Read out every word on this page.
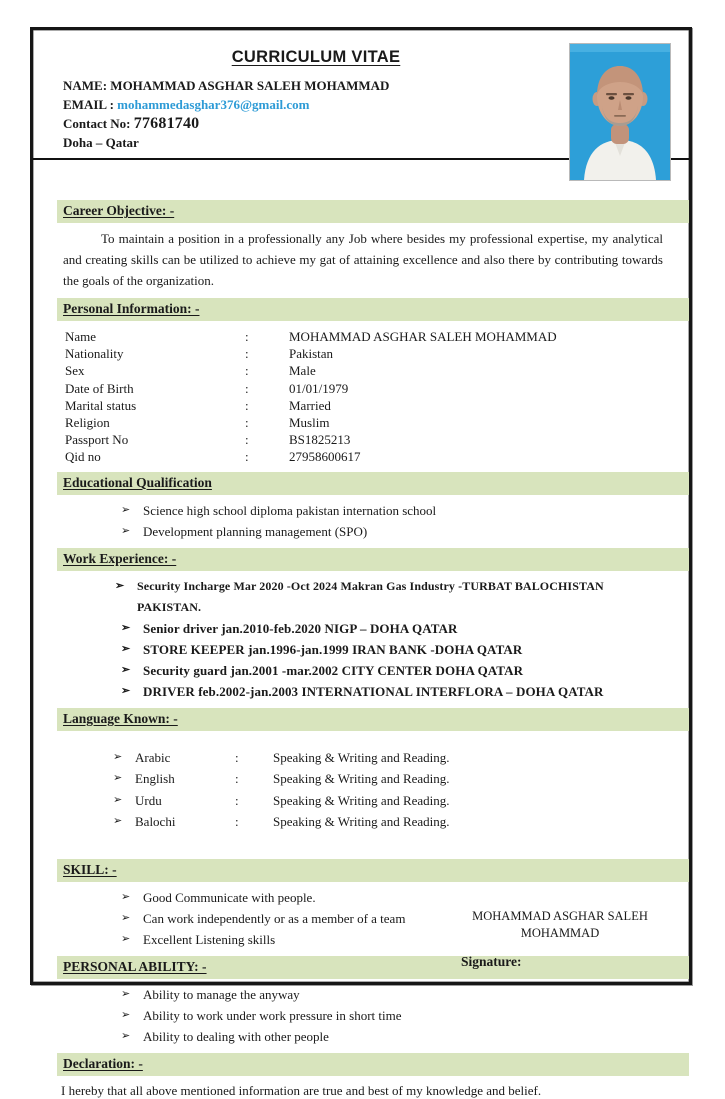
CURRICULUM VITAE
NAME: MOHAMMAD ASGHAR SALEH MOHAMMAD
EMAIL : mohammedasghar376@gmail.com
Contact No: 77681740
Doha – Qatar
Career Objective: -
To maintain a position in a professionally any Job where besides my professional expertise, my analytical and creating skills can be utilized to achieve my gat of attaining excellence and also there by contributing towards the goals of the organization.
Personal Information: -
Name	:	MOHAMMAD ASGHAR SALEH MOHAMMAD
Nationality	:	Pakistan
Sex	:	Male
Date of Birth	:	01/01/1979
Marital status	:	Married
Religion	:	Muslim
Passport No	:	BS1825213
Qid no	:	27958600617
Educational Qualification
➢ Science high school diploma pakistan internation school
➢ Development planning management (SPO)
Work Experience: -
➢	Security Incharge Mar 2020 -Oct 2024 Makran Gas Industry -TURBAT BALOCHISTAN PAKISTAN.
➢ Senior driver jan.2010-feb.2020 NIGP – DOHA QATAR
➢ STORE KEEPER jan.1996-jan.1999 IRAN BANK -DOHA QATAR
➢ Security guard jan.2001 -mar.2002 CITY CENTER DOHA QATAR
➢ DRIVER feb.2002-jan.2003 INTERNATIONAL INTERFLORA – DOHA QATAR
Language Known: -
➢ Arabic	:	Speaking & Writing and Reading.
➢ English	:	Speaking & Writing and Reading.
➢ Urdu	:	Speaking & Writing and Reading.
➢ Balochi	:	Speaking & Writing and Reading.
SKILL: -
➢ Good Communicate with people.
➢ Can work independently or as a member of a team
➢ Excellent Listening skills
PERSONAL ABILITY: -
➢ Ability to manage the anyway
➢ Ability to work under work pressure in short time
➢ Ability to dealing with other people
Declaration: -
I hereby that all above mentioned information are true and best of my knowledge and belief.
MOHAMMAD ASGHAR SALEH
MOHAMMAD
Signature:
